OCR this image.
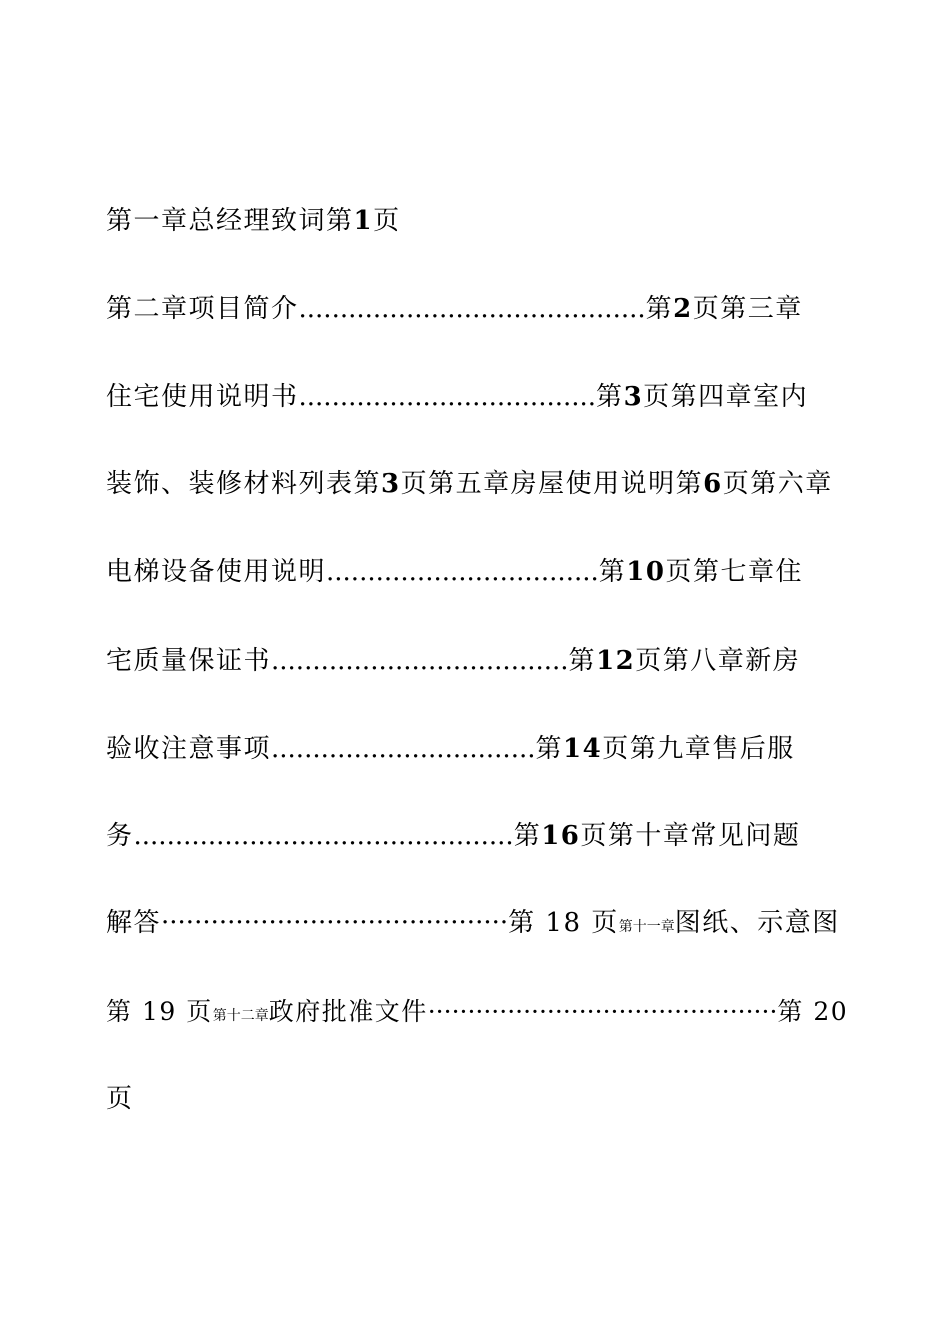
第一章总经理致词第1页
第二章项目简介..........................................第2页第三章
住宅使用说明书....................................第3页第四章室内
装饰、装修材料列表第3页第五章房屋使用说明第6页第六章
电梯设备使用说明.................................第10页第七章住
宅质量保证书....................................第12页第八章新房
验收注意事项................................第14页第九章售后服
务..............................................第16页第十章常见问题
解答··········································第 18 页第十一章图纸、示意图
第 19 页第十二章政府批准文件············································第 20
页
